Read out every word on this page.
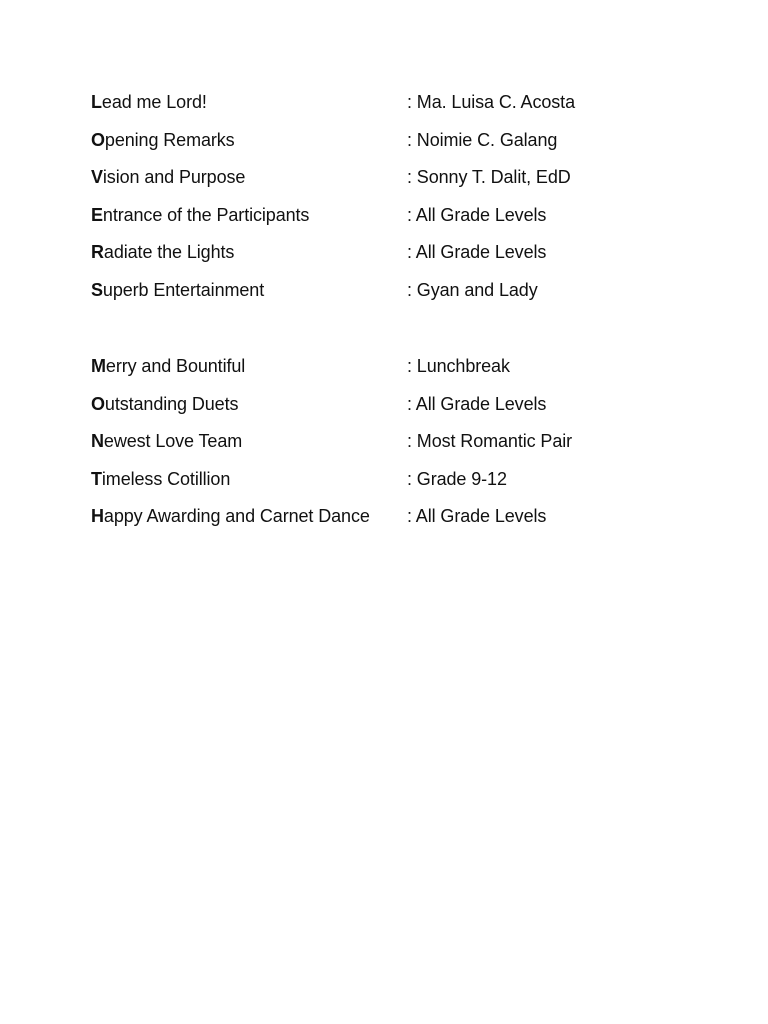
Lead me Lord!	: Ma. Luisa C. Acosta
Opening Remarks	: Noimie C. Galang
Vision and Purpose	: Sonny T. Dalit, EdD
Entrance of the Participants	: All Grade Levels
Radiate the Lights	: All Grade Levels
Superb Entertainment	: Gyan and Lady
Merry and Bountiful	: Lunchbreak
Outstanding Duets	: All Grade Levels
Newest Love Team	: Most Romantic Pair
Timeless Cotillion	: Grade 9-12
Happy Awarding and Carnet Dance	: All Grade Levels
